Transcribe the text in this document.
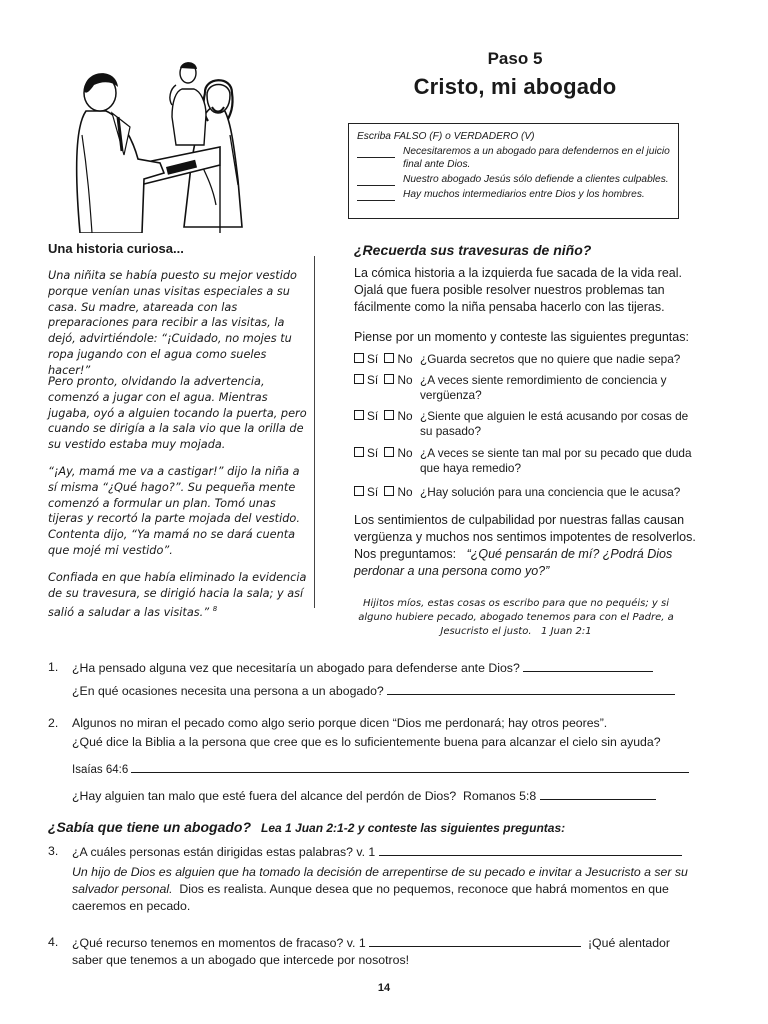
Paso 5
Cristo, mi abogado
Escriba FALSO (F) o VERDADERO (V)
Necesitaremos a un abogado para defendernos en el juicio
final ante Dios.
Nuestro abogado Jesús sólo defiende a clientes culpables.
Hay muchos intermediarios entre Dios y los hombres.
Una historia curiosa...
Una niñita se había puesto su mejor vestido porque venían unas visitas especiales a su casa. Su madre, atareada con las preparaciones para recibir a las visitas, la dejó, advirtiéndole: “¡Cuidado, no mojes tu ropa jugando con el agua como sueles hacer!”
Pero pronto, olvidando la advertencia, comenzó a jugar con el agua. Mientras jugaba, oyó a alguien tocando la puerta, pero cuando se dirigía a la sala vio que la orilla de su vestido estaba muy mojada.
“¡Ay, mamá me va a castigar!” dijo la niña a sí misma “¿Qué hago?”. Su pequeña mente comenzó a formular un plan. Tomó unas tijeras y recortó la parte mojada del vestido. Contenta dijo, “Ya mamá no se dará cuenta que mojé mi vestido”.
Confiada en que había eliminado la evidencia de su travesura, se dirigió hacia la sala; y así salió a saludar a las visitas.” $^8$
¿Recuerda sus travesuras de niño?
La cómica historia a la izquierda fue sacada de la vida real. Ojalá que fuera posible resolver nuestros problemas tan fácilmente como la niña pensaba hacerlo con las tijeras.
Piense por un momento y conteste las siguientes preguntas:
Sí No ¿Guarda secretos que no quiere que nadie sepa?
Sí No ¿A veces siente remordimiento de conciencia y vergüenza?
Sí No ¿Siente que alguien le está acusando por cosas de su pasado?
Sí No ¿A veces se siente tan mal por su pecado que duda que haya remedio?
Sí No ¿Hay solución para una conciencia que le acusa?
Los sentimientos de culpabilidad por nuestras fallas causan vergüenza y muchos nos sentimos impotentes de resolverlos. Nos preguntamos: “¿Qué pensarán de mí? ¿Podrá Dios perdonar a una persona como yo?”
Hijitos míos, estas cosas os escribo para que no pequéis; y si alguno hubiere pecado, abogado tenemos para con el Padre, a Jesucristo el justo. 1 Juan 2:1
1. ¿Ha pensado alguna vez que necesitaría un abogado para defenderse ante Dios?
¿En qué ocasiones necesita una persona a un abogado?
2. Algunos no miran el pecado como algo serio porque dicen “Dios me perdonará; hay otros peores”.
¿Qué dice la Biblia a la persona que cree que es lo suficientemente buena para alcanzar el cielo sin ayuda?
Isaías 64:6
¿Hay alguien tan malo que esté fuera del alcance del perdón de Dios? Romanos 5:8
¿Sabía que tiene un abogado? Lea 1 Juan 2:1-2 y conteste las siguientes preguntas:
3. ¿A cuáles personas están dirigidas estas palabras? v. 1
Un hijo de Dios es alguien que ha tomado la decisión de arrepentirse de su pecado e invitar a Jesucristo a ser su salvador personal. Dios es realista. Aunque desea que no pequemos, reconoce que habrá momentos en que caeremos en pecado.
4. ¿Qué recurso tenemos en momentos de fracaso? v. 1	¡Qué alentador saber que tenemos a un abogado que intercede por nosotros!
14
